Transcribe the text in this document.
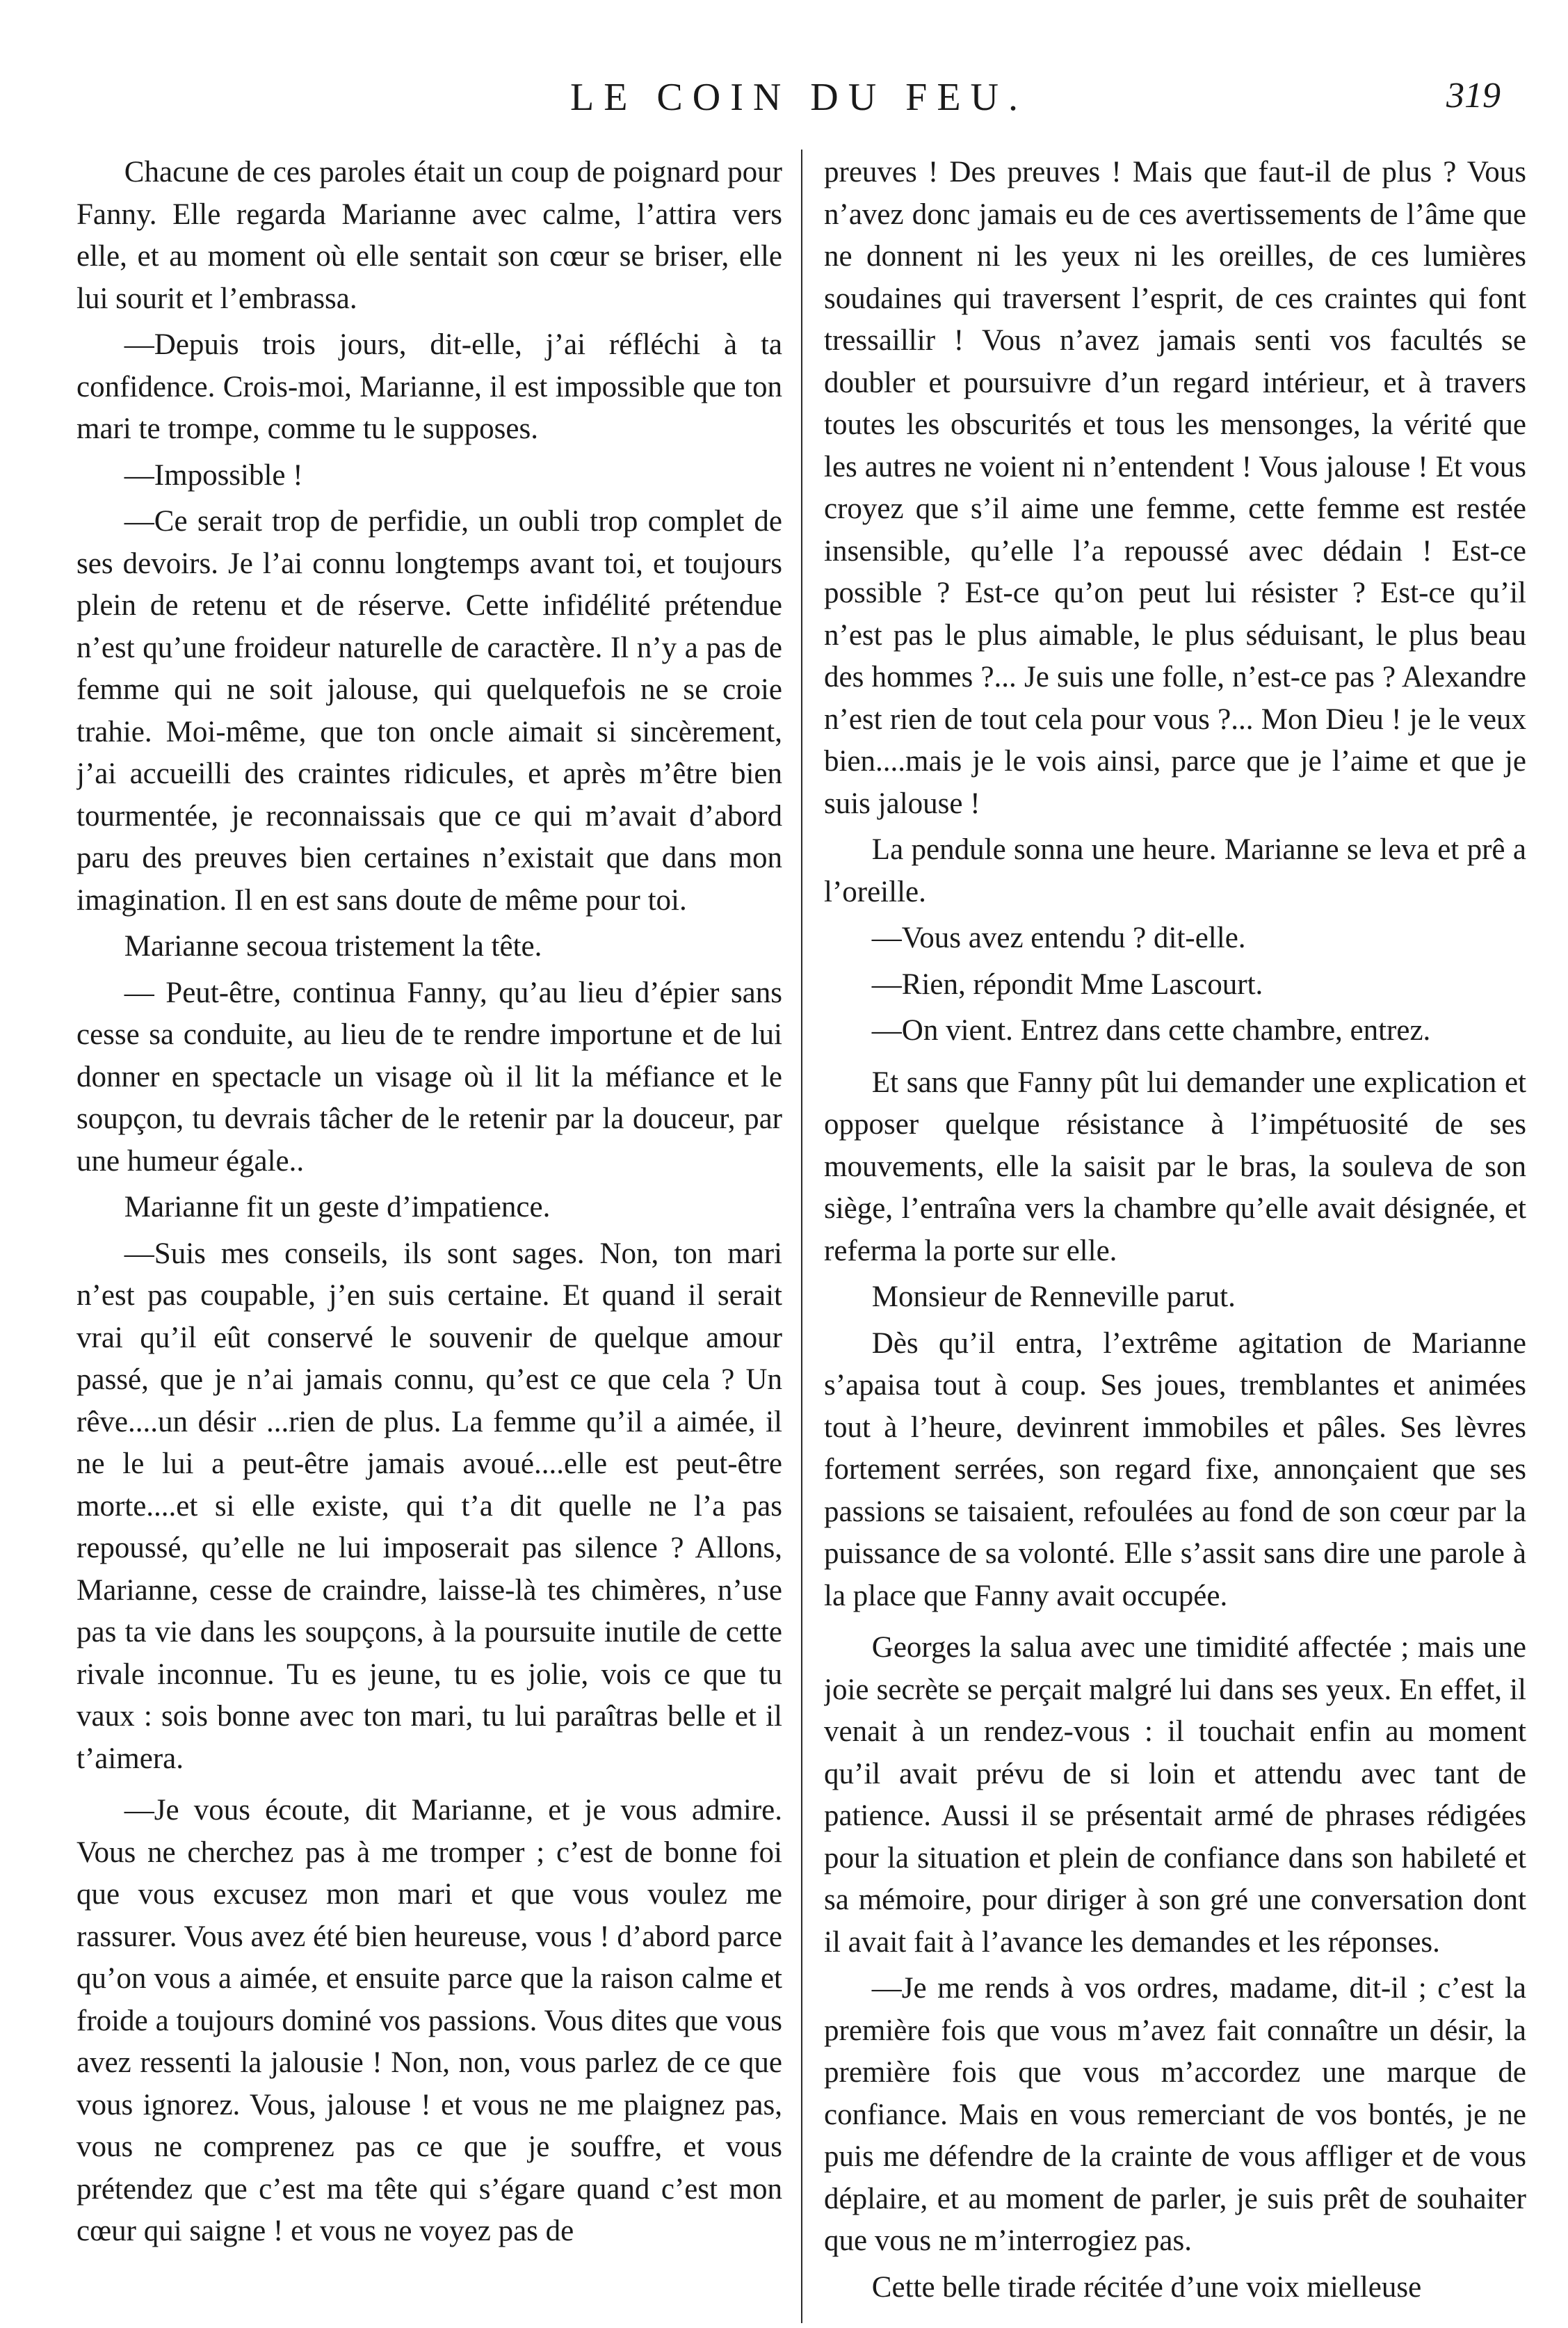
LE COIN DU FEU.	319

Chacune de ces paroles était un coup de poignard pour Fanny. Elle regarda Marianne avec calme, l’attira vers elle, et au moment où elle sentait son cœur se briser, elle lui sourit et l’embrassa.

—Depuis trois jours, dit-elle, j’ai réfléchi à ta confidence. Crois-moi, Marianne, il est impossible que ton mari te trompe, comme tu le supposes.

—Impossible !

—Ce serait trop de perfidie, un oubli trop complet de ses devoirs. Je l’ai connu longtemps avant toi, et toujours plein de retenu et de réserve. Cette infidélité prétendue n’est qu’une froideur naturelle de caractère. Il n’y a pas de femme qui ne soit jalouse, qui quelquefois ne se croie trahie. Moi-même, que ton oncle aimait si sincèrement, j’ai accueilli des craintes ridicules, et après m’être bien tourmentée, je reconnaissais que ce qui m’avait d’abord paru des preuves bien certaines n’existait que dans mon imagination. Il en est sans doute de même pour toi.

Marianne secoua tristement la tête.

— Peut-être, continua Fanny, qu’au lieu d’épier sans cesse sa conduite, au lieu de te rendre importune et de lui donner en spectacle un visage où il lit la méfiance et le soupçon, tu devrais tâcher de le retenir par la douceur, par une humeur égale..

Marianne fit un geste d’impatience.

—Suis mes conseils, ils sont sages. Non, ton mari n’est pas coupable, j’en suis certaine. Et quand il serait vrai qu’il eût conservé le souvenir de quelque amour passé, que je n’ai jamais connu, qu’est ce que cela ? Un rêve....un désir ...rien de plus. La femme qu’il a aimée, il ne le lui a peut-être jamais avoué....elle est peut-être morte....et si elle existe, qui t’a dit quelle ne l’a pas repoussé, qu’elle ne lui imposerait pas silence ? Allons, Marianne, cesse de craindre, laisse-là tes chimères, n’use pas ta vie dans les soupçons, à la poursuite inutile de cette rivale inconnue. Tu es jeune, tu es jolie, vois ce que tu vaux : sois bonne avec ton mari, tu lui paraîtras belle et il t’aimera.

—Je vous écoute, dit Marianne, et je vous admire. Vous ne cherchez pas à me tromper ; c’est de bonne foi que vous excusez mon mari et que vous voulez me rassurer. Vous avez été bien heureuse, vous ! d’abord parce qu’on vous a aimée, et ensuite parce que la raison calme et froide a toujours dominé vos passions. Vous dites que vous avez ressenti la jalousie ! Non, non, vous parlez de ce que vous ignorez. Vous, jalouse ! et vous ne me plaignez pas, vous ne comprenez pas ce que je souffre, et vous prétendez que c’est ma tête qui s’égare quand c’est mon cœur qui saigne ! et vous ne voyez pas de

preuves ! Des preuves ! Mais que faut-il de plus ? Vous n’avez donc jamais eu de ces avertissements de l’âme que ne donnent ni les yeux ni les oreilles, de ces lumières soudaines qui traversent l’esprit, de ces craintes qui font tressaillir ! Vous n’avez jamais senti vos facultés se doubler et poursuivre d’un regard intérieur, et à travers toutes les obscurités et tous les mensonges, la vérité que les autres ne voient ni n’entendent ! Vous jalouse ! Et vous croyez que s’il aime une femme, cette femme est restée insensible, qu’elle l’a repoussé avec dédain ! Est-ce possible ? Est-ce qu’on peut lui résister ? Est-ce qu’il n’est pas le plus aimable, le plus séduisant, le plus beau des hommes ?... Je suis une folle, n’est-ce pas ? Alexandre n’est rien de tout cela pour vous ?... Mon Dieu ! je le veux bien....mais je le vois ainsi, parce que je l’aime et que je suis jalouse !

La pendule sonna une heure. Marianne se leva et prê a l’oreille.

—Vous avez entendu ? dit-elle.

—Rien, répondit Mme Lascourt.

—On vient. Entrez dans cette chambre, entrez.

Et sans que Fanny pût lui demander une explication et opposer quelque résistance à l’impétuosité de ses mouvements, elle la saisit par le bras, la souleva de son siège, l’entraîna vers la chambre qu’elle avait désignée, et referma la porte sur elle.

Monsieur de Renneville parut.

Dès qu’il entra, l’extrême agitation de Marianne s’apaisa tout à coup. Ses joues, tremblantes et animées tout à l’heure, devinrent immobiles et pâles. Ses lèvres fortement serrées, son regard fixe, annonçaient que ses passions se taisaient, refoulées au fond de son cœur par la puissance de sa volonté. Elle s’assit sans dire une parole à la place que Fanny avait occupée.

Georges la salua avec une timidité affectée ; mais une joie secrète se perçait malgré lui dans ses yeux. En effet, il venait à un rendez-vous : il touchait enfin au moment qu’il avait prévu de si loin et attendu avec tant de patience. Aussi il se présentait armé de phrases rédigées pour la situation et plein de confiance dans son habileté et sa mémoire, pour diriger à son gré une conversation dont il avait fait à l’avance les demandes et les réponses.

—Je me rends à vos ordres, madame, dit-il ; c’est la première fois que vous m’avez fait connaître un désir, la première fois que vous m’accordez une marque de confiance. Mais en vous remerciant de vos bontés, je ne puis me défendre de la crainte de vous affliger et de vous déplaire, et au moment de parler, je suis prêt de souhaiter que vous ne m’interrogiez pas.

Cette belle tirade récitée d’une voix mielleuse
